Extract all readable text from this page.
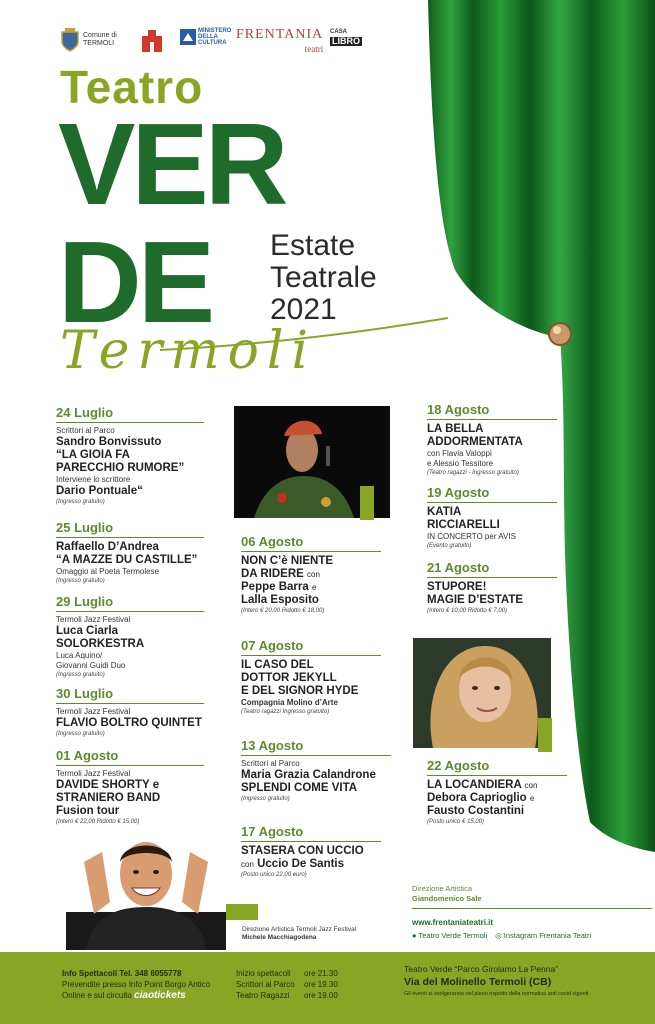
Comune di
TERMOLI
MINISTERO
DELLA
CULTURA
FRENTANIA
teatri
CASA
LIBRO
Teatro
VER
DE Estate
Teatrale
2021
Termoli
24 Luglio
Scrittori al Parco
Sandro Bonvissuto
“LA GIOIA FA
PARECCHIO RUMORE”
Interviene lo scrittore
Dario Pontuale“
(Ingresso gratuito)
25 Luglio
Raffaello D’Andrea
“A MAZZE DU CASTILLE”
Omaggio al Poeta Termolese
(Ingresso gratuito)
29 Luglio
Termoli Jazz Festival
Luca Ciarla
SOLORKESTRA
Luca Aquino/
Giovanni Guidi Duo
(Ingresso gratuito)
30 Luglio
Termoli Jazz Festival
FLAVIO BOLTRO QUINTET
(Ingresso gratuito)
01 Agosto
Termoli Jazz Festival
DAVIDE SHORTY e
STRANIERO BAND
Fusion tour
(Intero € 22,00 Ridotto € 15,00)
Direzione Artistica Termoli Jazz Festival
Michele Macchiagodena
06 Agosto
NON C’è NIENTE
DA RIDERE con
Peppe Barra e
Lalla Esposito
(Intero € 20,00 Ridotto € 18,00)
07 Agosto
IL CASO DEL
DOTTOR JEKYLL
E DEL SIGNOR HYDE
Compagnia Molino d’Arte
(Teatro ragazzi Ingresso gratuito)
13 Agosto
Scrittori al Parco
Maria Grazia Calandrone
SPLENDI COME VITA
(Ingresso gratuito)
17 Agosto
STASERA CON UCCIO
con Uccio De Santis
(Posto unico 22,00 euro)
18 Agosto
LA BELLA
ADDORMENTATA
con Flavia Valoppi
e Alessio Tessitore
(Teatro ragazzi - Ingresso gratuito)
19 Agosto
KATIA
RICCIARELLI
IN CONCERTO per AVIS
(Evento gratuito)
21 Agosto
STUPORE!
MAGIE D’ESTATE
(Intero € 10,00 Ridotto € 7,00)
22 Agosto
LA LOCANDIERA con
Debora Caprioglio e
Fausto Costantini
(Posto unico € 15,00)
Direzione Artistica
Giandomenico Sale
www.frentaniateatri.it
● Teatro Verde Termoli ◎ Instagram Frentania Teatri
Info Spettacoli Tel. 348 6055778
Prevendite presso Info Point Borgo Antico
Online e sul circuito ciaotickets
Inizio spettacoli ore 21.30
Scrittori al Parco ore 19.30
Teatro Ragazzi ore 19.00
Teatro Verde “Parco Girolamo La Penna”
Via del Molinello Termoli (CB)
Gli eventi si svolgeranno nel pieno rispetto della normativa anti covid vigenti
